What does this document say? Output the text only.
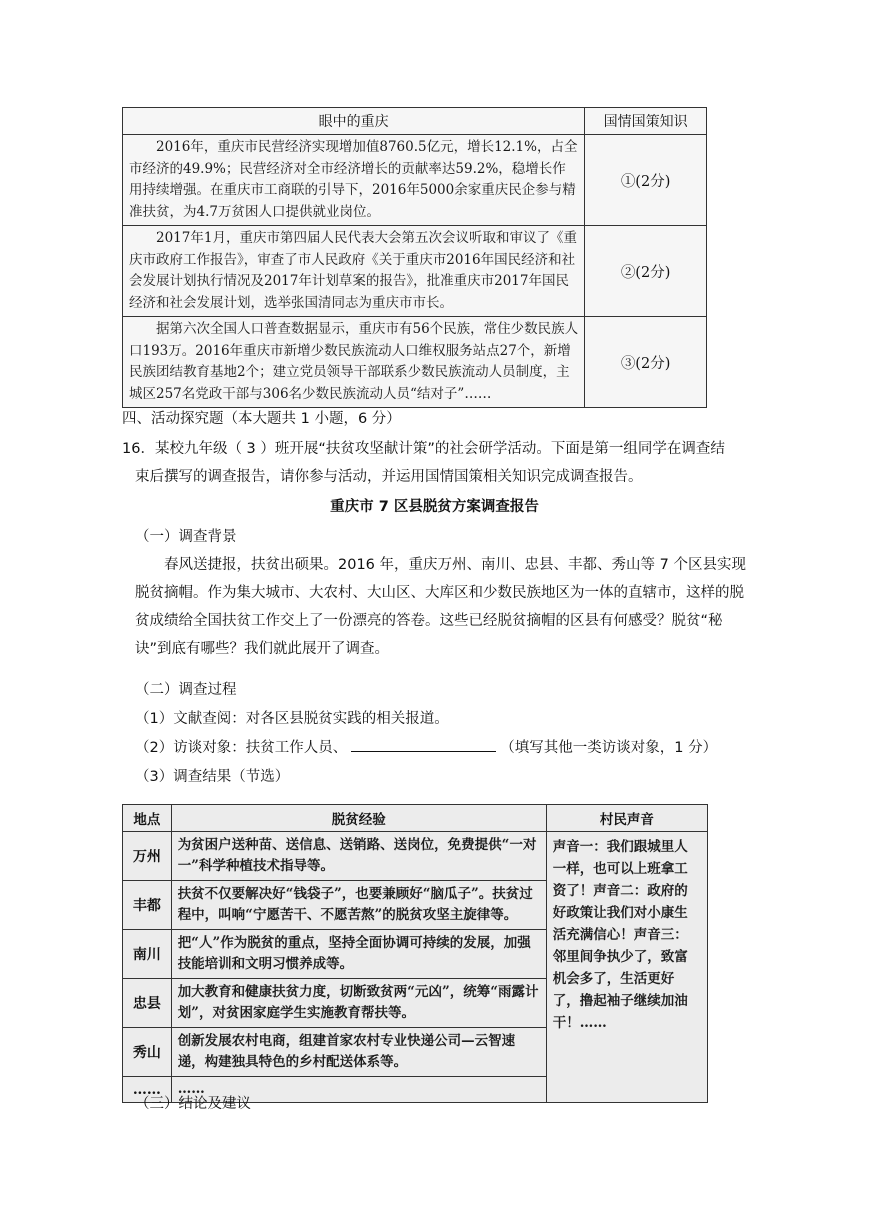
眼中的重庆	国情国策知识
2016年，重庆市民营经济实现增加值8760.5亿元，增长12.1%，占全市经济的49.9%；民营经济对全市经济增长的贡献率达59.2%，稳增长作用持续增强。在重庆市工商联的引导下，2016年5000余家重庆民企参与精准扶贫，为4.7万贫困人口提供就业岗位。	①(2分)
2017年1月，重庆市第四届人民代表大会第五次会议听取和审议了《重庆市政府工作报告》，审查了市人民政府《关于重庆市2016年国民经济和社会发展计划执行情况及2017年计划草案的报告》，批准重庆市2017年国民经济和社会发展计划，选举张国清同志为重庆市市长。	②(2分)
据第六次全国人口普查数据显示，重庆市有56个民族，常住少数民族人口193万。2016年重庆市新增少数民族流动人口维权服务站点27个，新增民族团结教育基地2个；建立党员领导干部联系少数民族流动人员制度，主城区257名党政干部与306名少数民族流动人员“结对子”……	③(2分)
四、活动探究题（本大题共 1 小题，6 分）
16．某校九年级（ 3 ）班开展“扶贫攻坚献计策”的社会研学活动。下面是第一组同学在调查结
束后撰写的调查报告，请你参与活动，并运用国情国策相关知识完成调查报告。
重庆市 7 区县脱贫方案调查报告
（一）调查背景
春风送捷报，扶贫出硕果。2016 年，重庆万州、南川、忠县、丰都、秀山等 7 个区县实现脱贫摘帽。作为集大城市、大农村、大山区、大库区和少数民族地区为一体的直辖市，这样的脱贫成绩给全国扶贫工作交上了一份漂亮的答卷。这些已经脱贫摘帽的区县有何感受？脱贫“秘诀”到底有哪些？我们就此展开了调查。
（二）调查过程
（1）文献查阅：对各区县脱贫实践的相关报道。
（2）访谈对象：扶贫工作人员、	（填写其他一类访谈对象，1 分）
（3）调查结果（节选）
地点	脱贫经验	村民声音
万州	为贫困户送种苗、送信息、送销路、送岗位，免费提供“一对一”科学种植技术指导等。	声音一：我们跟城里人一样，也可以上班拿工资了！声音二：政府的好政策让我们对小康生活充满信心！声音三：邻里间争执少了，致富机会多了，生活更好了，撸起袖子继续加油干！……
丰都	扶贫不仅要解决好“钱袋子”，也要兼顾好“脑瓜子”。扶贫过程中，叫响“宁愿苦干、不愿苦熬”的脱贫攻坚主旋律等。	
南川	把“人”作为脱贫的重点，坚持全面协调可持续的发展，加强技能培训和文明习惯养成等。	
忠县	加大教育和健康扶贫力度，切断致贫两“元凶”，统筹“雨露计划”，对贫困家庭学生实施教育帮扶等。	
秀山	创新发展农村电商，组建首家农村专业快递公司—云智速递，构建独具特色的乡村配送体系等。	
……	……	
（三）结论及建议
